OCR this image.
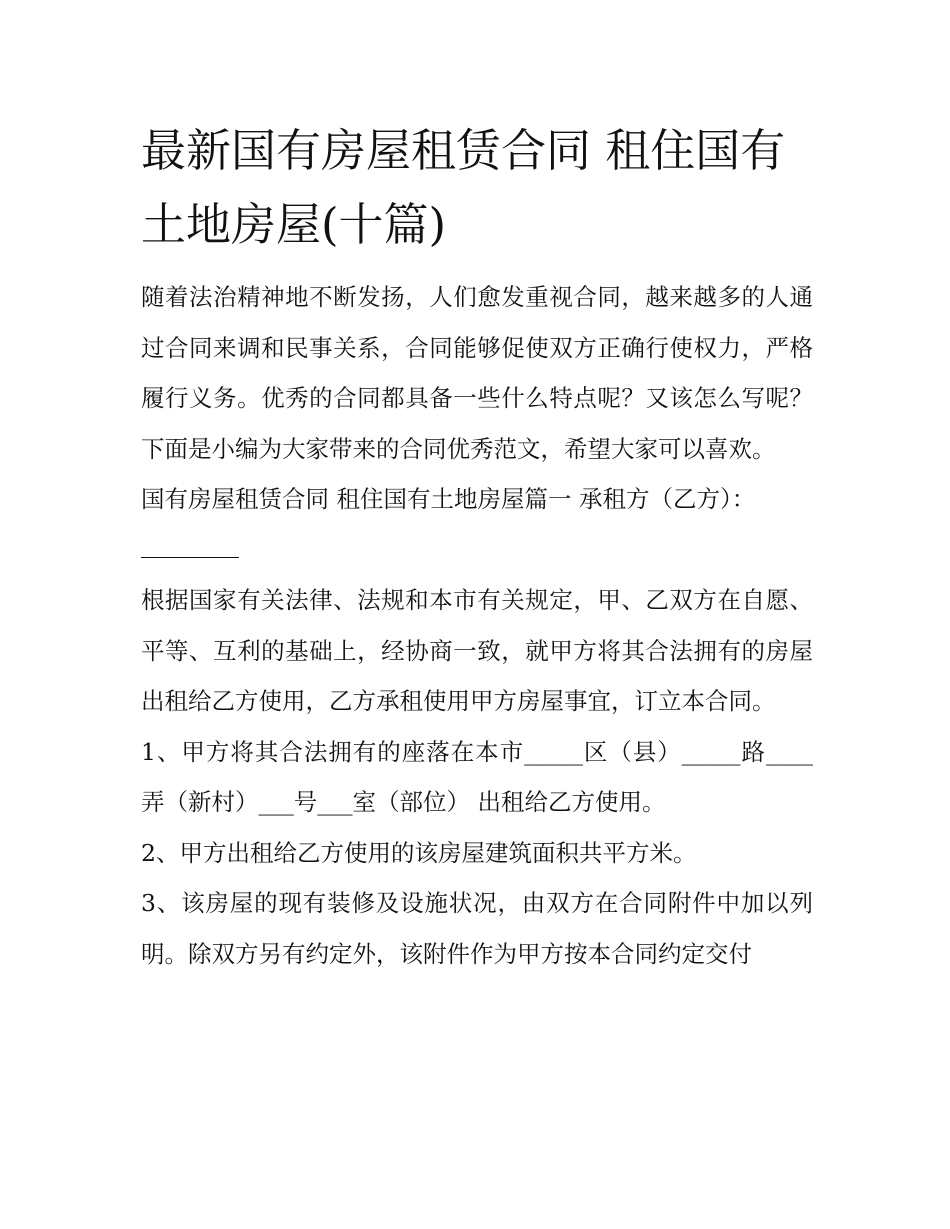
最新国有房屋租赁合同 租住国有土地房屋(十篇)

随着法治精神地不断发扬，人们愈发重视合同，越来越多的人通过合同来调和民事关系，合同能够促使双方正确行使权力，严格履行义务。优秀的合同都具备一些什么特点呢？又该怎么写呢？下面是小编为大家带来的合同优秀范文，希望大家可以喜欢。

国有房屋租赁合同 租住国有土地房屋篇一 承租方（乙方）：

根据国家有关法律、法规和本市有关规定，甲、乙双方在自愿、平等、互利的基础上，经协商一致，就甲方将其合法拥有的房屋出租给乙方使用，乙方承租使用甲方房屋事宜，订立本合同。

1、甲方将其合法拥有的座落在本市_____区（县）_____路____弄（新村）___号___室（部位） 出租给乙方使用。

2、甲方出租给乙方使用的该房屋建筑面积共平方米。

3、该房屋的现有装修及设施状况，由双方在合同附件中加以列明。除双方另有约定外，该附件作为甲方按本合同约定交付
